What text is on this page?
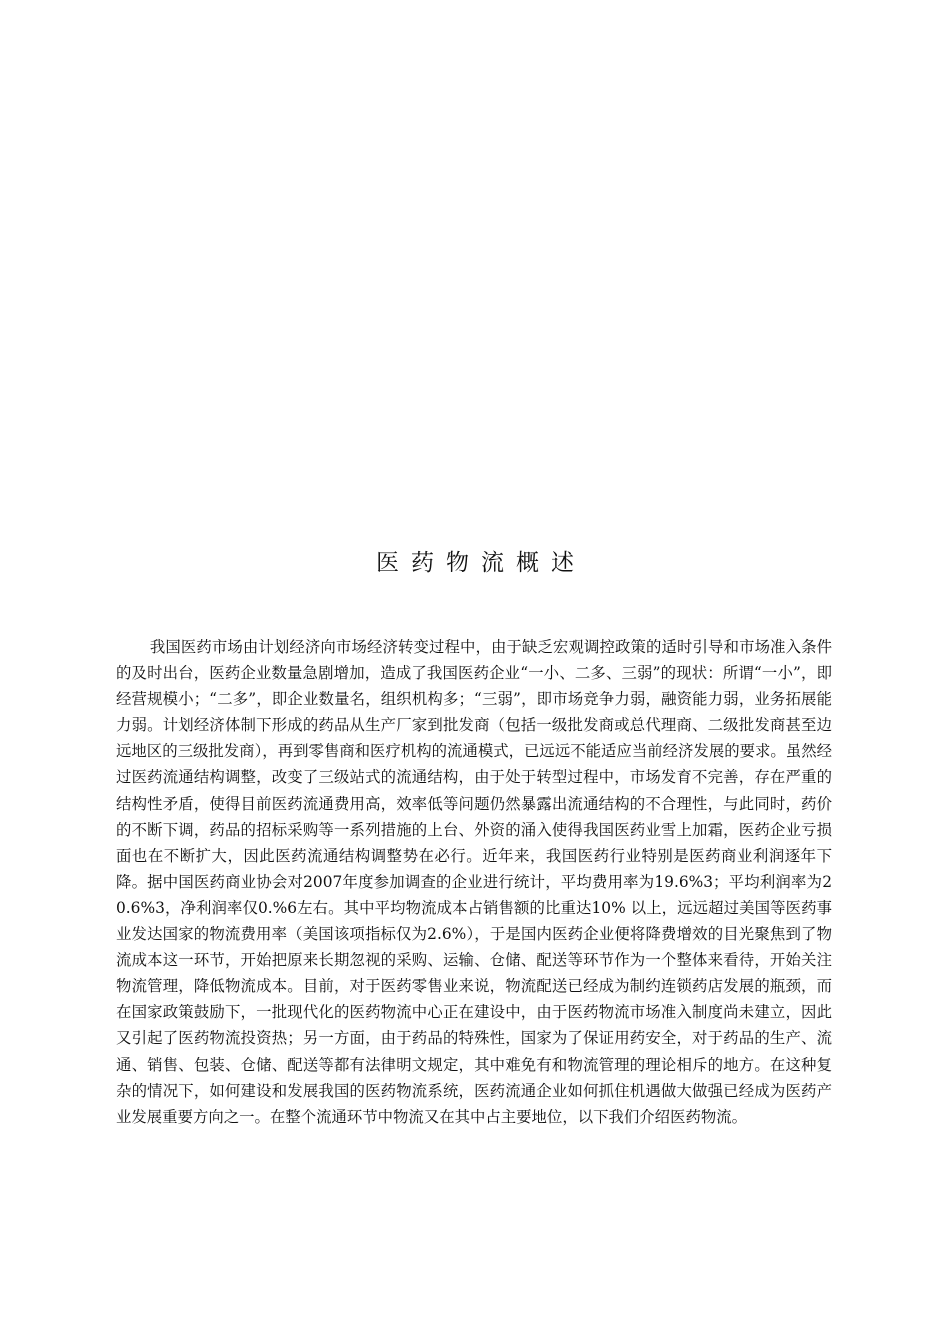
医药物流概述

我国医药市场由计划经济向市场经济转变过程中，由于缺乏宏观调控政策的适时引导和市场准入条件的及时出台，医药企业数量急剧增加，造成了我国医药企业“一小、二多、三弱”的现状：所谓“一小”，即经营规模小；“二多”，即企业数量名，组织机构多；“三弱”，即市场竞争力弱，融资能力弱，业务拓展能力弱。计划经济体制下形成的药品从生产厂家到批发商（包括一级批发商或总代理商、二级批发商甚至边远地区的三级批发商），再到零售商和医疗机构的流通模式，已远远不能适应当前经济发展的要求。虽然经过医药流通结构调整，改变了三级站式的流通结构，由于处于转型过程中，市场发育不完善，存在严重的结构性矛盾，使得目前医药流通费用高，效率低等问题仍然暴露出流通结构的不合理性，与此同时，药价的不断下调，药品的招标采购等一系列措施的上台、外资的涌入使得我国医药业雪上加霜，医药企业亏损面也在不断扩大，因此医药流通结构调整势在必行。近年来，我国医药行业特别是医药商业利润逐年下降。据中国医药商业协会对2007年度参加调查的企业进行统计，平均费用率为19.6%3；平均利润率为20.6%3，净利润率仅0.%6左右。其中平均物流成本占销售额的比重达10% 以上，远远超过美国等医药事业发达国家的物流费用率（美国该项指标仅为2.6%），于是国内医药企业便将降费增效的目光聚焦到了物流成本这一环节，开始把原来长期忽视的采购、运输、仓储、配送等环节作为一个整体来看待，开始关注物流管理，降低物流成本。目前，对于医药零售业来说，物流配送已经成为制约连锁药店发展的瓶颈，而在国家政策鼓励下，一批现代化的医药物流中心正在建设中，由于医药物流市场准入制度尚未建立，因此又引起了医药物流投资热；另一方面，由于药品的特殊性，国家为了保证用药安全，对于药品的生产、流通、销售、包装、仓储、配送等都有法律明文规定，其中难免有和物流管理的理论相斥的地方。在这种复杂的情况下，如何建设和发展我国的医药物流系统，医药流通企业如何抓住机遇做大做强已经成为医药产业发展重要方向之一。在整个流通环节中物流又在其中占主要地位，以下我们介绍医药物流。
